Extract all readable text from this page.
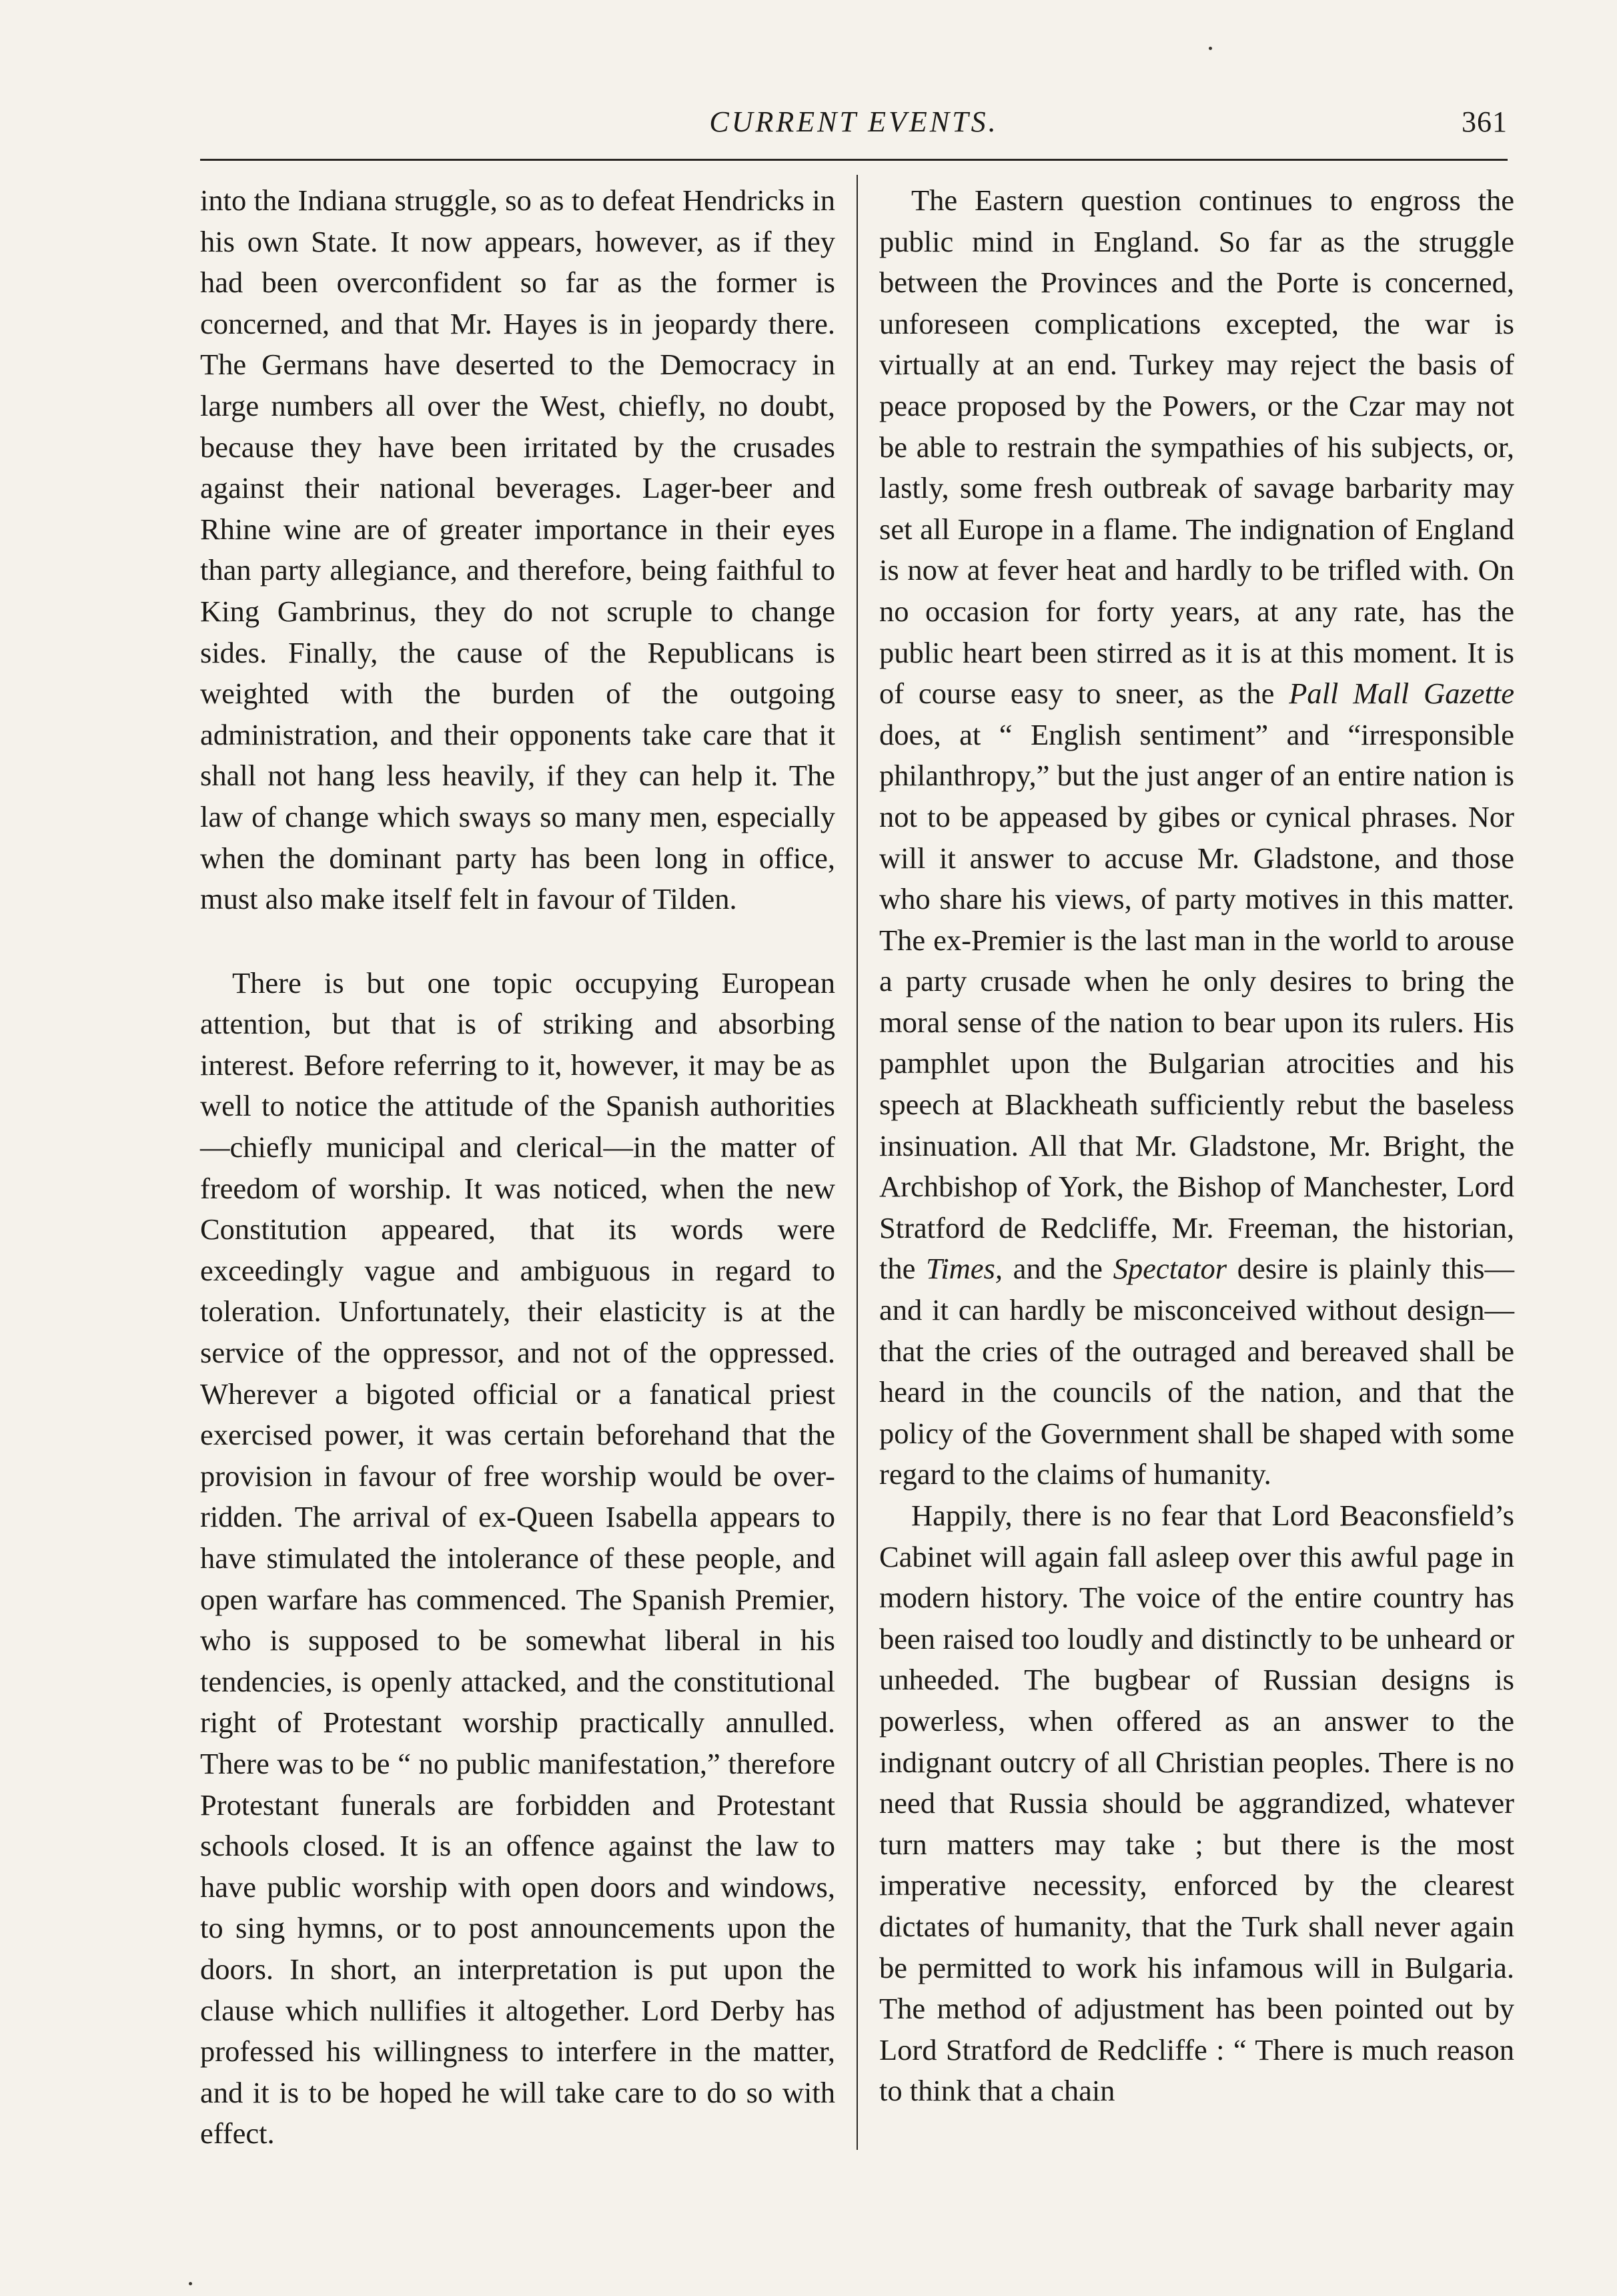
CURRENT EVENTS.	361

into the Indiana struggle, so as to defeat Hendricks in his own State. It now appears, however, as if they had been overconfident so far as the former is concerned, and that Mr. Hayes is in jeopardy there. The Germans have deserted to the Democracy in large numbers all over the West, chiefly, no doubt, because they have been irritated by the crusades against their national beverages. Lager-beer and Rhine wine are of greater importance in their eyes than party allegiance, and therefore, being faithful to King Gambrinus, they do not scruple to change sides. Finally, the cause of the Republicans is weighted with the burden of the outgoing administration, and their opponents take care that it shall not hang less heavily, if they can help it. The law of change which sways so many men, especially when the dominant party has been long in office, must also make itself felt in favour of Tilden.

There is but one topic occupying European attention, but that is of striking and absorbing interest. Before referring to it, however, it may be as well to notice the attitude of the Spanish authorities—chiefly municipal and clerical—in the matter of freedom of worship. It was noticed, when the new Constitution appeared, that its words were exceedingly vague and ambiguous in regard to toleration. Unfortunately, their elasticity is at the service of the oppressor, and not of the oppressed. Wherever a bigoted official or a fanatical priest exercised power, it was certain beforehand that the provision in favour of free worship would be over-ridden. The arrival of ex-Queen Isabella appears to have stimulated the intolerance of these people, and open warfare has commenced. The Spanish Premier, who is supposed to be somewhat liberal in his tendencies, is openly attacked, and the constitutional right of Protestant worship practically annulled. There was to be “ no public manifestation,” therefore Protestant funerals are forbidden and Protestant schools closed. It is an offence against the law to have public worship with open doors and windows, to sing hymns, or to post announcements upon the doors. In short, an interpretation is put upon the clause which nullifies it altogether. Lord Derby has professed his willingness to interfere in the matter, and it is to be hoped he will take care to do so with effect.

The Eastern question continues to engross the public mind in England. So far as the struggle between the Provinces and the Porte is concerned, unforeseen complications excepted, the war is virtually at an end. Turkey may reject the basis of peace proposed by the Powers, or the Czar may not be able to restrain the sympathies of his subjects, or, lastly, some fresh outbreak of savage barbarity may set all Europe in a flame. The indignation of England is now at fever heat and hardly to be trifled with. On no occasion for forty years, at any rate, has the public heart been stirred as it is at this moment. It is of course easy to sneer, as the Pall Mall Gazette does, at “ English sentiment” and “irresponsible philanthropy,” but the just anger of an entire nation is not to be appeased by gibes or cynical phrases. Nor will it answer to accuse Mr. Gladstone, and those who share his views, of party motives in this matter. The ex-Premier is the last man in the world to arouse a party crusade when he only desires to bring the moral sense of the nation to bear upon its rulers. His pamphlet upon the Bulgarian atrocities and his speech at Blackheath sufficiently rebut the baseless insinuation. All that Mr. Gladstone, Mr. Bright, the Archbishop of York, the Bishop of Manchester, Lord Stratford de Redcliffe, Mr. Freeman, the historian, the Times, and the Spectator desire is plainly this—and it can hardly be misconceived without design—that the cries of the outraged and bereaved shall be heard in the councils of the nation, and that the policy of the Government shall be shaped with some regard to the claims of humanity.

Happily, there is no fear that Lord Beaconsfield’s Cabinet will again fall asleep over this awful page in modern history. The voice of the entire country has been raised too loudly and distinctly to be unheard or unheeded. The bugbear of Russian designs is powerless, when offered as an answer to the indignant outcry of all Christian peoples. There is no need that Russia should be aggrandized, whatever turn matters may take ; but there is the most imperative necessity, enforced by the clearest dictates of humanity, that the Turk shall never again be permitted to work his infamous will in Bulgaria. The method of adjustment has been pointed out by Lord Stratford de Redcliffe : “ There is much reason to think that a chain
